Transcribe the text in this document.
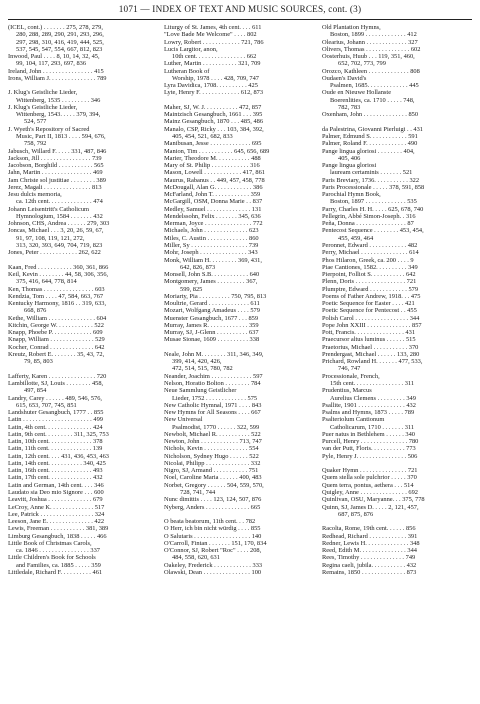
1071 — INDEX OF TEXT AND MUSIC SOURCES, cont. (3)
(ICEL, cont.) . . . . . . . 275, 278, 279,
280, 288, 289, 290, 291, 293, 296,
297, 298, 310, 416, 419, 444, 525,
537, 545, 547, 554, 667, 812, 823
Inwood, Paul . . . . 8, 10, 14, 32, 45,
99, 104, 117, 293, 697, 836
Ireland, John . . . . . . . . . . . . . . . . 415
Irons, William J. . . . . . . . . . . . . . . 789
J. Klug's Geistliche Lieder,
Wittenberg, 1535 . . . . . . . . . 346
J. Klug's Geistliche Lieder,
Wittenberg, 1543. . . . . 379, 394,
524, 577
J. Wyeth's Repository of Sacred
Music, Part II, 1813 . . . . 594, 676,
758, 792
Jabusch, Willard F. . . . . 331, 487, 846
Jackson, Jill . . . . . . . . . . . . . . . . 739
Jacobson, Borghild . . . . . . . . . . . 565
Jahn, Martin . . . . . . . . . . . . . . . . 469
Jam Christe sol justitiae . . . . . . . . 389
Jerez, Magali . . . . . . . . . . . . . . . 813
Jesu dulcis memoria,
ca. 12th cent. . . . . . . . . . . . . . 474
Johann Leisentritt's Catholicum
Hymnologium, 1584 . . . . . . . 432
Johnson, CHS, Andrea . . . . . . 279, 303
Joncas, Michael . . . 3, 20, 26, 59, 67,
91, 97, 108, 119, 121, 272,
313, 320, 393, 649, 704, 719, 823
Jones, Peter . . . . . . . . . . . . 262, 622
Kaan, Fred . . . . . . . . . . . 360, 361, 866
Keil, Kevin . . . . . . . . 44, 58, 306, 356,
375, 416, 644, 778, 814
Ken, Thomas . . . . . . . . . . . . . . . . 603
Kendzia, Tom . . . . 47, 584, 663, 767
Kentucky Harmony, 1816 . . 319, 633,
668, 876
Kethe, William . . . . . . . . . . . . . . . 604
Kitchin, George W. . . . . . . . . . . . 522
Knapp, Phoebe P. . . . . . . . . . . . . 609
Knapp, William . . . . . . . . . . . . . . 529
Kocher, Conrad . . . . . . . . . . . . . . 642
Kreutz, Robert E. . . . . . . . 35, 43, 72,
79, 85, 803
Lafferty, Karen . . . . . . . . . . . . . . . 720
Lambillotte, SJ, Louis . . . . . . . . 458,
497, 854
Landry, Carey . . . . . . 489, 546, 576,
615, 653, 707, 745, 851
Landshuter Gesangbuch, 1777 . . 855
Latin . . . . . . . . . . . . . . . . . . . . . . 499
Latin, 4th cent. . . . . . . . . . . . . . . 424
Latin, 9th cent. . . . . . . . . 311, 325, 753
Latin, 10th cent. . . . . . . . . . . . . . 378
Latin, 11th cent. . . . . . . . . . . . . . 139
Latin, 12th cent. . . . 431, 436, 453, 463
Latin, 14th cent. . . . . . . . . . . 340, 425
Latin, 16th cent. . . . . . . . . . . . . . 493
Latin, 17th cent. . . . . . . . . . . . . . 432
Latin and German, 14th cent. . . . 346
Laudato sia Deo mio Signore . . . 600
Leavitt, Joshua . . . . . . . . . . . . . . 679
LeCroy, Anne K. . . . . . . . . . . . . . 517
Lee, Patrick . . . . . . . . . . . . . . . . . 324
Leeson, Jane E. . . . . . . . . . . . . . . 422
Lewis, Freeman . . . . . . . . . . . 381, 389
Limburg Gesangbuch, 1838 . . . . . 466
Little Book of Christmas Carols,
ca. 1846 . . . . . . . . . . . . . . . . 337
Little Children's Book for Schools
and Families, ca. 1885 . . . . . 359
Littledale, Richard F. . . . . . . . . . 461
Liturgy of St. James, 4th cent. . . . 611
"Love Bade Me Welcome" . . . . 802
Lowry, Robert . . . . . . . . . . . . 721, 786
Lucis Largitor, anon,
10th cent. . . . . . . . . . . . . . . . 662
Luther, Martin . . . . . . . . . . . 321, 709
Lutheran Book of
Worship, 1978 . . . . 428, 709, 747
Lyra Davidica, 1708. . . . . . . . . . 425
Lyte, Henry F. . . . . . . . . . . . . 612, 873
Maher, SJ, W. J. . . . . . . . . . . 472, 857
Maintzisch Gesangbuch, 1661 . . . 395
Mainz Gesangbuch, 1870 . . . 485, 486
Manalo, CSP, Ricky . . . 103, 384, 392,
405, 454, 521, 682, 833
Manibusan, Jesse . . . . . . . . . . . . . 695
Manion, Tim . . . . . . . . . . . 645, 656, 689
Marier, Theodore M. . . . . . . . . . . 488
Mary of St. Philip . . . . . . . . . . . . 316
Mason, Lowell . . . . . . . . . . . . 417, 861
Maurus, Rabanus . . 449, 457, 458, 778
McDougall, Alan G. . . . . . . . . . . . 386
McFarland, John T. . . . . . . . . . . . 359
McGargill, OSM, Donna Marie . . 837
Medley, Samuel . . . . . . . . . . . . . . 131
Mendelssohn, Felix . . . . . . . 345, 636
Merman, Joyce . . . . . . . . . . . . . . . 772
Michaels, John . . . . . . . . . . . . . . 623
Miles, C. Austin . . . . . . . . . . . . . 860
Miller, Sy . . . . . . . . . . . . . . . . . . 739
Mohr, Joseph . . . . . . . . . . . . . . . 343
Monk, William H. . . . . . . . . 369, 431,
642, 826, 873
Monsell, John S.B. . . . . . . . . . . . 640
Montgomery, James . . . . . . . . . 367,
599, 825
Moriarty, Pia . . . . . . . . . . 750, 795, 813
Moultrie, Gerard . . . . . . . . . . . . . 611
Mozart, Wolfgang Amadeus . . . . 579
Muenster Gesangbuch, 1677 . . . 859
Murray, James R. . . . . . . . . . . . . 359
Murray, SJ, J-Glenn . . . . . . . . . . 637
Musae Sionae, 1609 . . . . . . . . . . 338
Neale, John M. . . . . . . . 311, 346, 349,
399, 414, 420, 426,
472, 514, 515, 780, 782
Neander, Joachim . . . . . . . . . . . . . 597
Nelson, Horatio Bolton . . . . . . . . 784
Neue Sammlung Geistlicher
Lieder, 1752 . . . . . . . . . . . . . 575
New Catholic Hymnal, 1971 . . . . 843
New Hymns for All Seasons . . . . 667
New Universal
Psalmodist, 1770 . . . . . . 322, 599
Newbolt, Michael R. . . . . . . . . . . 522
Newton, John . . . . . . . . . . . . 713, 747
Nichols, Kevin . . . . . . . . . . . . . . 554
Nicholson, Sydney Hugo . . . . . . 522
Nicolai, Philipp . . . . . . . . . . . . . . 332
Nigro, SJ, Armand . . . . . . . . . . . 751
Noel, Caroline Maria . . . . . . 400, 483
Norbet, Gregory . . . . . . 504, 559, 570,
728, 741, 744
Nunc dimittis . . . . 123, 124, 507, 876
Nyberg, Anders . . . . . . . . . . . . . . 665
O beata beatorum, 11th cent. . . 782
O Herr, ich bin nicht würdig . . . . 855
O Salutaris . . . . . . . . . . . . . . . . . . 140
O'Carroll, Fintan . . . . . . . 151, 170, 834
O'Connor, SJ, Robert "Roc" . . . . 208,
484, 558, 620, 631
Oakeley, Frederick . . . . . . . . . . . . 333
Olawski, Dean . . . . . . . . . . . . . . . 100
Old Plantation Hymns,
Boston, 1899 . . . . . . . . . . . . . 412
Olearius, Johann . . . . . . . . . . . . . 327
Olivers, Thomas . . . . . . . . . . . . . . 602
Oosterhuis, Huub . . . 119, 351, 460,
652, 702, 773, 799
Orozco, Kathleen . . . . . . . . . . . . . 808
Oudaen's David's
Psalmen, 1685. . . . . . . . . . . . . 445
Oude en Nieuwe Hollanste
Boerenlities, ca. 1710 . . . . . 748,
782, 783
Oxenham, John . . . . . . . . . . . . . . 850
da Palestrina, Giovanni Pierluigi . . 431
Palmer, Edmund S. . . . . . . . . . . . 591
Palmer, Roland F. . . . . . . . . . . . . 490
Pange lingua gloriosi . . . . . . . . 404,
405, 406
Pange lingua gloriosi
lauream certaminis . . . . . . . 521
Paris Breviary, 1736. . . . . . . . . . . 322
Paris Processionale . . . . . 378, 591, 858
Parochial Hymn Book,
Boston, 1897 . . . . . . . . . . . . . 535
Parry, Charles H. H. . . . . 625, 678, 740
Pellegrin, Abbé Simon-Joseph. . 316
Peña, Donna . . . . . . . . . . . . . . . . 87
Pentecost Sequence . . . . . . . . 453, 454,
455, 459, 464
Peronnet, Edward . . . . . . . . . . . . 482
Perry, Michael . . . . . . . . . . . . . . . 614
Phos Hilaron, Greek, ca. 200 . . . . 9
Piae Cantiones, 1582. . . . . . . . . . 349
Pierpoint, Folliot S. . . . . . . . . . . 642
Plenn, Doris . . . . . . . . . . . . . . . . 721
Plumptre, Edward . . . . . . . . . . . . 579
Poems of Father Andrew, 1918. . . 475
Poetic Sequence for Easter . . . . 421
Poetic Sequence for Pentecost . . 455
Polish Carol . . . . . . . . . . . . . . . . . 344
Pope John XXIII . . . . . . . . . . . . . . 857
Pott, Francis. . . . . . . . . . . . . . . . 431
Praecursor altus luminus . . . . . . 515
Praetorius, Michael . . . . . . . . . . . 370
Prendergast, Michael . . . . . . 133, 280
Prichard, Rowland H. . . . . . . 477, 533,
746, 747
Processionale, French,
15th cent. . . . . . . . . . . . . . . . 311
Prudentius, Marcus
Aurelius Clemens . . . . . . . . . 349
Psallite, 1901 . . . . . . . . . . . . . . . 432
Psalms and Hymns, 1873 . . . . . 789
Psalteriolum Cantionum
Catholicarum, 1710 . . . . . . . 311
Puer natus in Bethlehem . . . . . . 340
Purcell, Henry . . . . . . . . . . . . . . . 780
van der Putt, Floris. . . . . . . . . . . 773
Pyle, Henry J. . . . . . . . . . . . . . . . 506
Quaker Hymn . . . . . . . . . . . . . . . 721
Quem stella sole pulchrior . . . . . 370
Quem terra, pontus, aethera . . . 514
Quigley, Anne . . . . . . . . . . . . . . . 692
Quinlivan, OSU, Maryanne. . . 375, 778
Quinn, SJ, James D. . . . . 2, 121, 457,
687, 875, 876
Racolta, Rome, 19th cent. . . . . . 856
Redhead, Richard . . . . . . . . . . . . 391
Redner, Lewis H. . . . . . . . . . . . . . 348
Reed, Edith M. . . . . . . . . . . . . . . 344
Rees, Timothy . . . . . . . . . . . . . . 749
Regina caeli, jubila. . . . . . . . . . . 432
Remains, 1850 . . . . . . . . . . . . . . 873
